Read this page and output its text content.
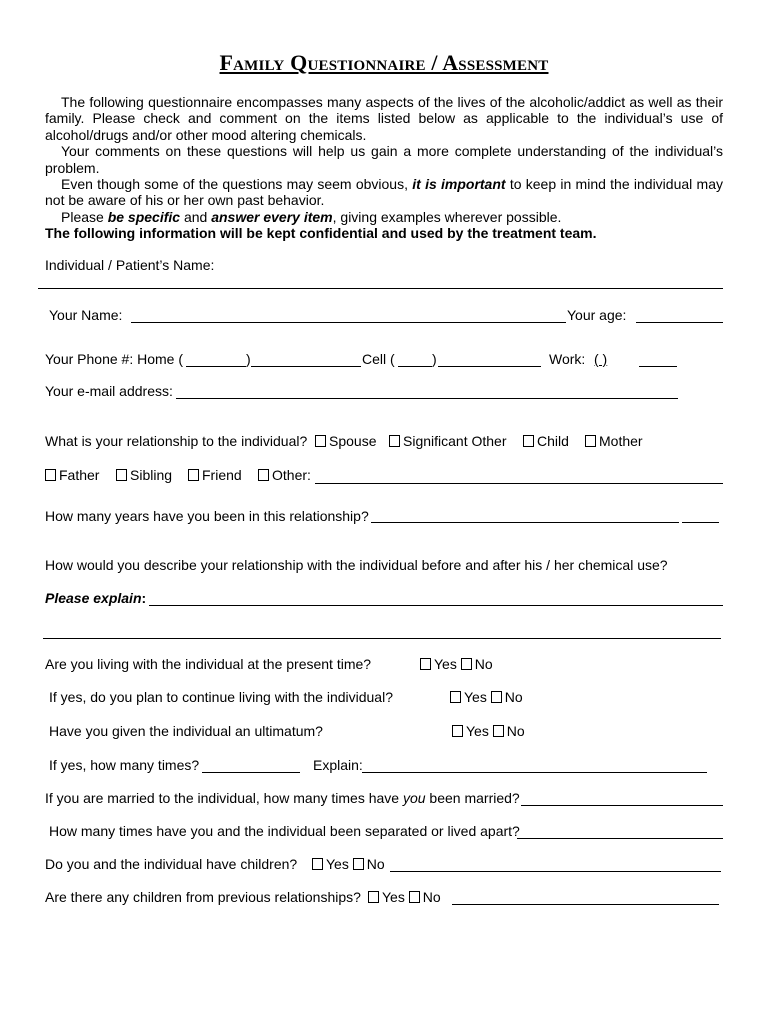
Family Questionnaire / Assessment

The following questionnaire encompasses many aspects of the lives of the alcoholic/addict as well as their family. Please check and comment on the items listed below as applicable to the individual’s use of alcohol/drugs and/or other mood altering chemicals.

Your comments on these questions will help us gain a more complete understanding of the individual’s problem.

Even though some of the questions may seem obvious, it is important to keep in mind the individual may not be aware of his or her own past behavior.

Please be specific and answer every item, giving examples wherever possible.

The following information will be kept confidential and used by the treatment team.

Individual / Patient’s Name:
Your Name:	Your age:
Your Phone #: Home (	)	Cell (	)	Work: ( )
Your e-mail address:
What is your relationship to the individual?	Spouse	Significant Other	Child	Mother
Father	Sibling	Friend	Other:
How many years have you been in this relationship?
How would you describe your relationship with the individual before and after his / her chemical use?
Please explain:
Are you living with the individual at the present time?	Yes No
If yes, do you plan to continue living with the individual?	Yes No
Have you given the individual an ultimatum?	Yes No
If yes, how many times?	Explain:
If you are married to the individual, how many times have you been married?
How many times have you and the individual been separated or lived apart?
Do you and the individual have children?	Yes No
Are there any children from previous relationships?	Yes No
